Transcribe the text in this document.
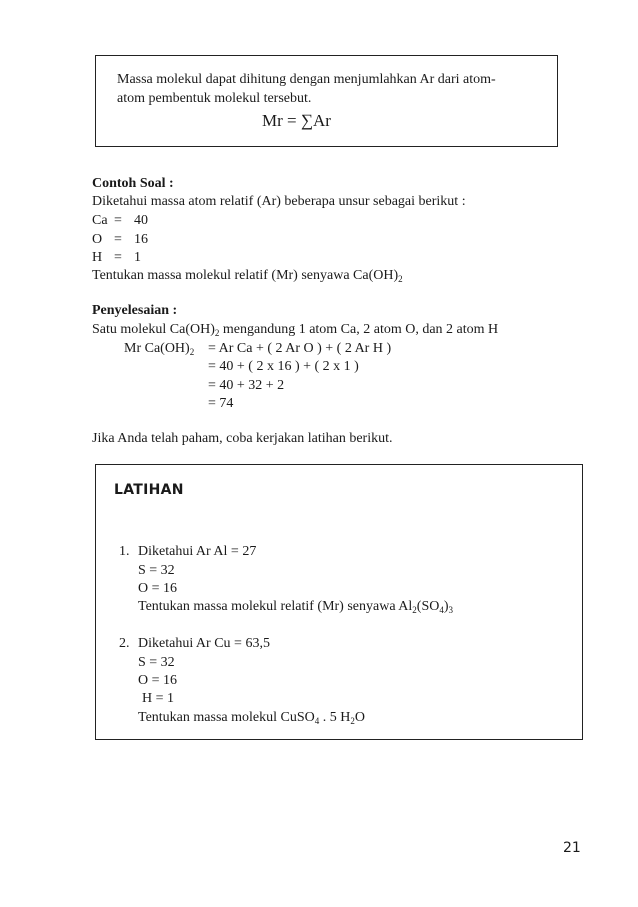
Massa molekul dapat dihitung dengan menjumlahkan Ar dari atom-
atom pembentuk molekul tersebut.
Mr = ∑Ar
Contoh Soal :
Diketahui massa atom relatif (Ar) beberapa unsur sebagai berikut :
Ca = 40
O = 16
H = 1
Tentukan massa molekul relatif (Mr) senyawa $Ca(OH)_2$
Penyelesaian :
Satu molekul $Ca(OH)_2$ mengandung 1 atom Ca, 2 atom O, dan 2 atom H
Mr $Ca(OH)_2 = Ar$ Ca + ( 2 Ar O ) + ( 2 Ar H )
= 40 + ( 2 x 16 ) + ( 2 x 1 )
= 40 + 32 + 2
= 74
Jika Anda telah paham, coba kerjakan latihan berikut.
LATIHAN
1. Diketahui Ar Al = 27
S = 32
O = 16
Tentukan massa molekul relatif (Mr) senyawa $Al_2(SO_4)_3$
2. Diketahui Ar Cu = 63,5
S = 32
O = 16
H = 1
Tentukan massa molekul CuSO$_4$ . 5 $H_2O$
21
